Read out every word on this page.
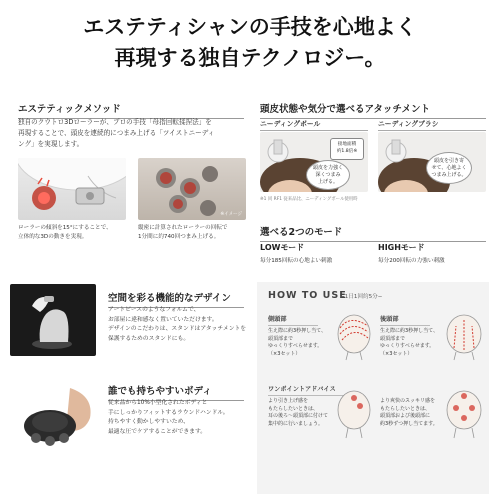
エステティシャンの手技を心地よく
再現する独自テクノロジー。
エステティックメソッド
独自のクウトロ3Dローラーが、プロの手技「母指回転揉捏法」を
再現することで、頭皮を連続的につまみ上げる「ツイストニーディ
ング」を実現します。
※イメージ
ローラーの傾斜を15°にすることで、
立体的な3Dの動きを実現。
縦密に計算されたローラーの回転で
1分間に約740回つまみ上げる。
頭皮状態や気分で選べるアタッチメント
ニーディングボール
接地面積
約1.8倍※
頭皮を力強く
深くつまみ
上げる。
ニーディングブラシ
頭皮を引き寄
せて、心地よく
つまみ上げる。
※1 同 RF1 従来品比、ニーディングボール使用時
選べる2つのモード
LOWモード
毎分185回転の心地よい刺激
HIGHモード
毎分200回転の力強い刺激
空間を彩る機能的なデザイン
アートピースのようなフォルムで、
お部屋に違和感なく置いていただけます。
デザインのこだわりは、スタンドはアタッチメントを
保護するためのスタンドにも。
誰でも持ちやすいボディ
従来品から10%小型化されたボディと
手にしっかりフィットするラウンドハンドル。
持ちやすく動かしやすいため、
最適な圧でケアすることができます。
HOW TO USE
−1日1回約5分−
側頭部
生え際に約3秒押し当て、
頭頂部まで
ゆっくりすべらせます。
（×3セット）
後頭部
生え際に約3秒押し当て、
頭頂部まで
ゆっくりすべらせます。
（×3セット）
ワンポイントアドバイス
より引き上げ感を
もたらしたいときは、
耳の後ろ〜頭頂部に付けて
集中的に行いましょう。
より爽快のスッキリ感を
もたらしたいときは、
頭頂部および後頭部に
約3秒ずつ押し当てます。
